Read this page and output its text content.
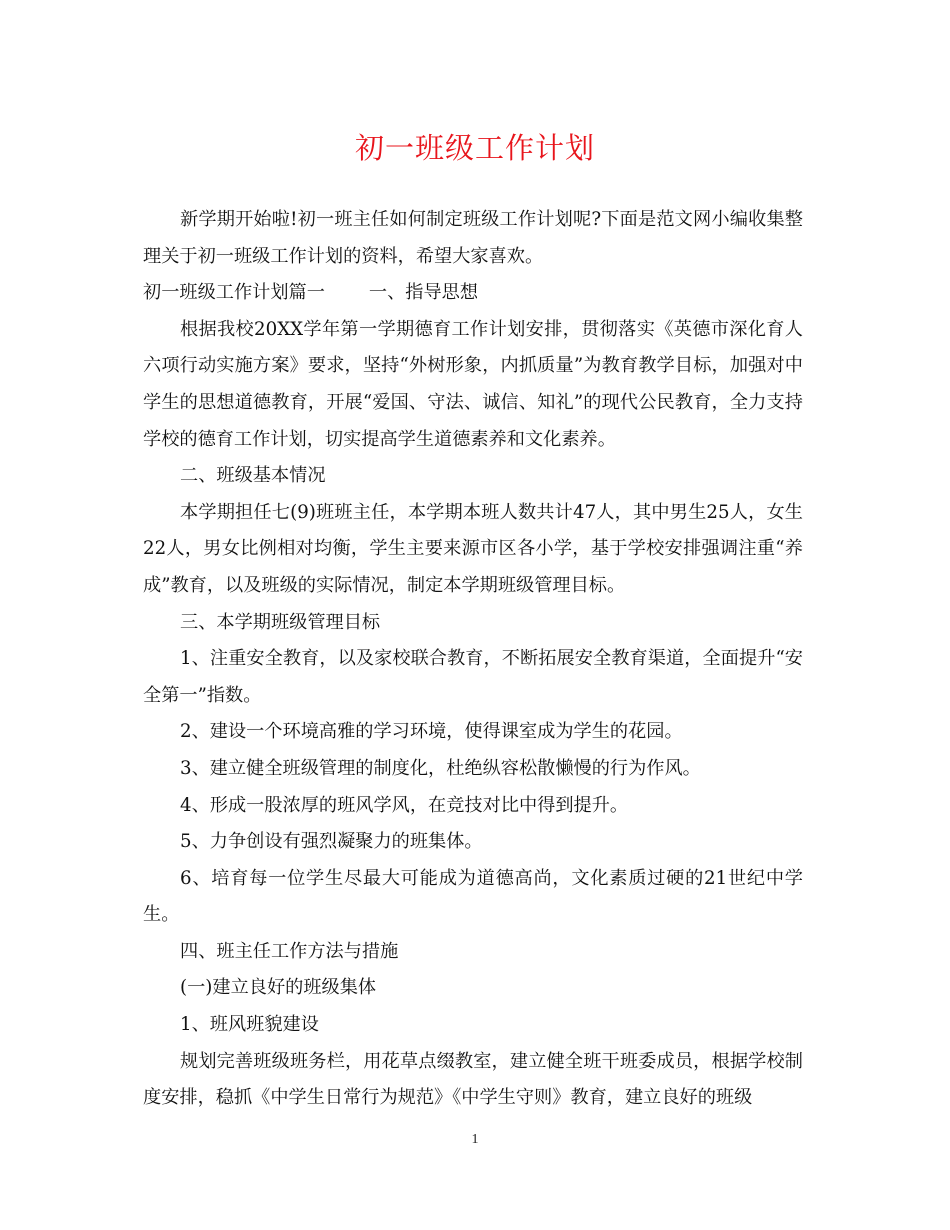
初一班级工作计划

新学期开始啦!初一班主任如何制定班级工作计划呢?下面是范文网小编收集整理关于初一班级工作计划的资料，希望大家喜欢。

初一班级工作计划篇一 一、指导思想

根据我校20XX学年第一学期德育工作计划安排，贯彻落实《英德市深化育人六项行动实施方案》要求，坚持“外树形象，内抓质量”为教育教学目标，加强对中学生的思想道德教育，开展“爱国、守法、诚信、知礼”的现代公民教育，全力支持学校的德育工作计划，切实提高学生道德素养和文化素养。

二、班级基本情况

本学期担任七(9)班班主任，本学期本班人数共计47人，其中男生25人，女生22人，男女比例相对均衡，学生主要来源市区各小学，基于学校安排强调注重“养成”教育，以及班级的实际情况，制定本学期班级管理目标。

三、本学期班级管理目标

1、注重安全教育，以及家校联合教育，不断拓展安全教育渠道，全面提升“安全第一”指数。

2、建设一个环境高雅的学习环境，使得课室成为学生的花园。

3、建立健全班级管理的制度化，杜绝纵容松散懒慢的行为作风。

4、形成一股浓厚的班风学风，在竞技对比中得到提升。

5、力争创设有强烈凝聚力的班集体。

6、培育每一位学生尽最大可能成为道德高尚，文化素质过硬的21世纪中学生。

四、班主任工作方法与措施

(一)建立良好的班级集体

1、班风班貌建设

规划完善班级班务栏，用花草点缀教室，建立健全班干班委成员，根据学校制度安排，稳抓《中学生日常行为规范》《中学生守则》教育，建立良好的班级

1
